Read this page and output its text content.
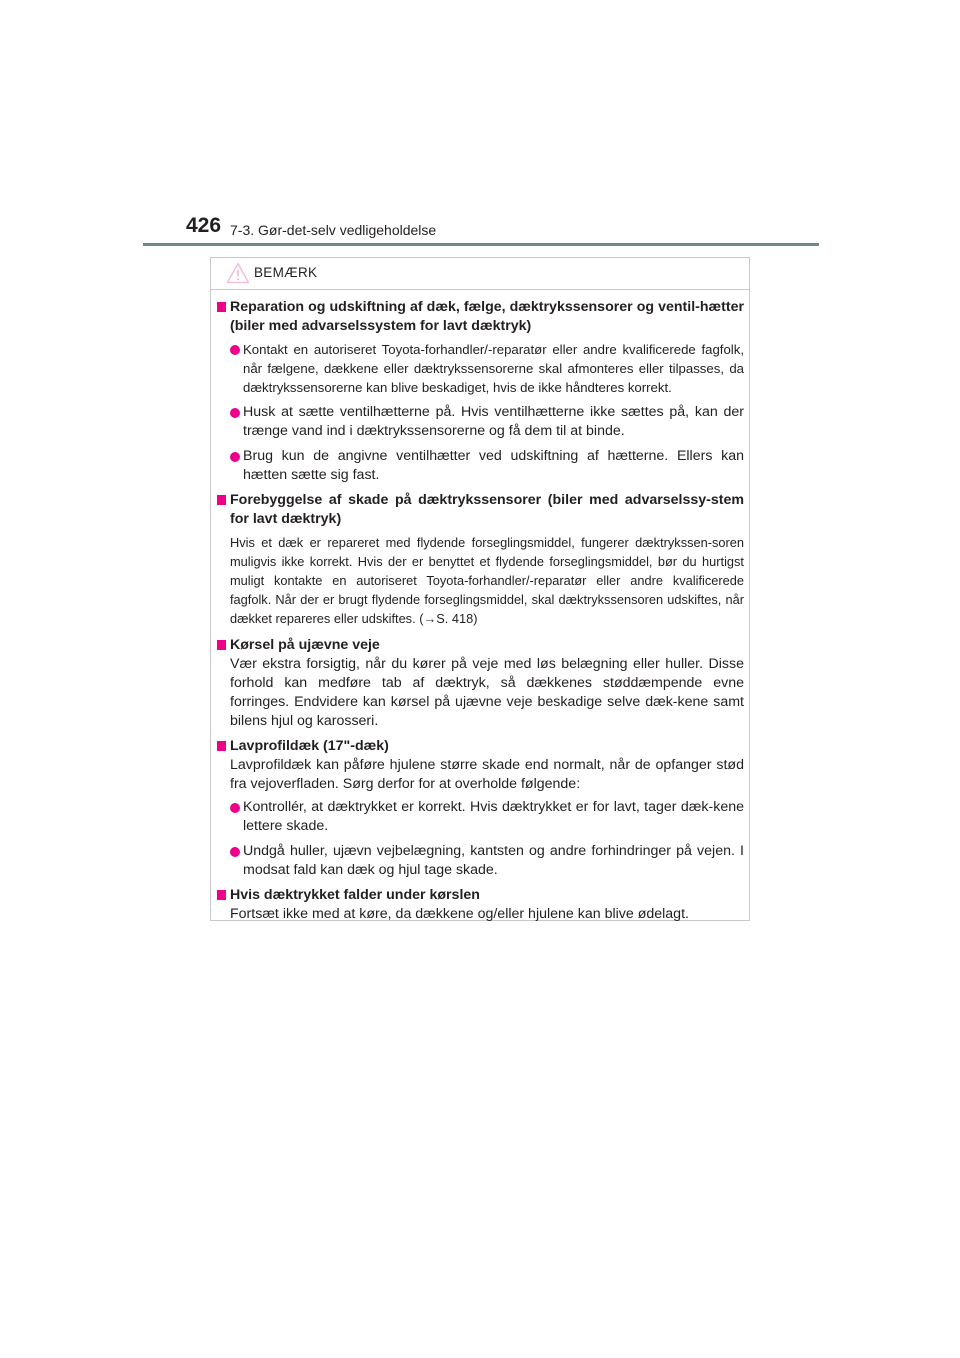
426 7-3. Gør-det-selv vedligeholdelse
BEMÆRK
Reparation og udskiftning af dæk, fælge, dæktrykssensorer og ventil-hætter (biler med advarselssystem for lavt dæktryk)
Kontakt en autoriseret Toyota-forhandler/-reparatør eller andre kvalificerede fagfolk, når fælgene, dækkene eller dæktrykssensorerne skal afmonteres eller tilpasses, da dæktrykssensorerne kan blive beskadiget, hvis de ikke håndteres korrekt.
Husk at sætte ventilhætterne på. Hvis ventilhætterne ikke sættes på, kan der trænge vand ind i dæktrykssensorerne og få dem til at binde.
Brug kun de angivne ventilhætter ved udskiftning af hætterne. Ellers kan hætten sætte sig fast.
Forebyggelse af skade på dæktrykssensorer (biler med advarselssy-stem for lavt dæktryk)
Hvis et dæk er repareret med flydende forseglingsmiddel, fungerer dæktrykssen-soren muligvis ikke korrekt. Hvis der er benyttet et flydende forseglingsmiddel, bør du hurtigst muligt kontakte en autoriseret Toyota-forhandler/-reparatør eller andre kvalificerede fagfolk. Når der er brugt flydende forseglingsmiddel, skal dæktrykssensoren udskiftes, når dækket repareres eller udskiftes. (→S. 418)
Kørsel på ujævne veje
Vær ekstra forsigtig, når du kører på veje med løs belægning eller huller. Disse forhold kan medføre tab af dæktryk, så dækkenes støddæmpende evne forringes. Endvidere kan kørsel på ujævne veje beskadige selve dæk-kene samt bilens hjul og karosseri.
Lavprofildæk (17"-dæk)
Lavprofildæk kan påføre hjulene større skade end normalt, når de opfanger stød fra vejoverfladen. Sørg derfor for at overholde følgende:
Kontrollér, at dæktrykket er korrekt. Hvis dæktrykket er for lavt, tager dæk-kene lettere skade.
Undgå huller, ujævn vejbelægning, kantsten og andre forhindringer på vejen. I modsat fald kan dæk og hjul tage skade.
Hvis dæktrykket falder under kørslen
Fortsæt ikke med at køre, da dækkene og/eller hjulene kan blive ødelagt.
